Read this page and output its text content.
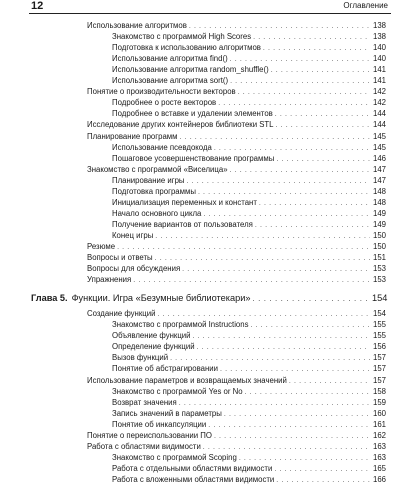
12	Оглавление
Использование алгоритмов . . .	138
Знакомство с программой High Scores . . .	138
Подготовка к использованию алгоритмов . . .	140
Использование алгоритма find() . . .	140
Использование алгоритма random_shuffle() . . .	141
Использование алгоритма sort() . . .	141
Понятие о производительности векторов . . .	142
Подробнее о росте векторов . . .	142
Подробнее о вставке и удалении элементов . . .	144
Исследование других контейнеров библиотеки STL . . .	144
Планирование программ . . .	145
Использование псевдокода . . .	145
Пошаговое усовершенствование программы . . .	146
Знакомство с программой «Виселица» . . .	147
Планирование игры . . .	147
Подготовка программы . . .	148
Инициализация переменных и констант . . .	148
Начало основного цикла . . .	149
Получение вариантов от пользователя . . .	149
Конец игры . . .	150
Резюме . . .	150
Вопросы и ответы . . .	151
Вопросы для обсуждения . . .	153
Упражнения . . .	153
Глава 5. Функции. Игра «Безумные библиотекари» . . .	154
Создание функций . . .	154
Знакомство с программой Instructions . . .	155
Объявление функций . . .	155
Определение функций . . .	156
Вызов функций . . .	157
Понятие об абстрагировании . . .	157
Использование параметров и возвращаемых значений . . .	157
Знакомство с программой Yes or No . . .	158
Возврат значения . . .	159
Запись значений в параметры . . .	160
Понятие об инкапсуляции . . .	161
Понятие о переиспользовании ПО . . .	162
Работа с областями видимости . . .	163
Знакомство с программой Scoping . . .	163
Работа с отдельными областями видимости . . .	165
Работа с вложенными областями видимости . . .	166
